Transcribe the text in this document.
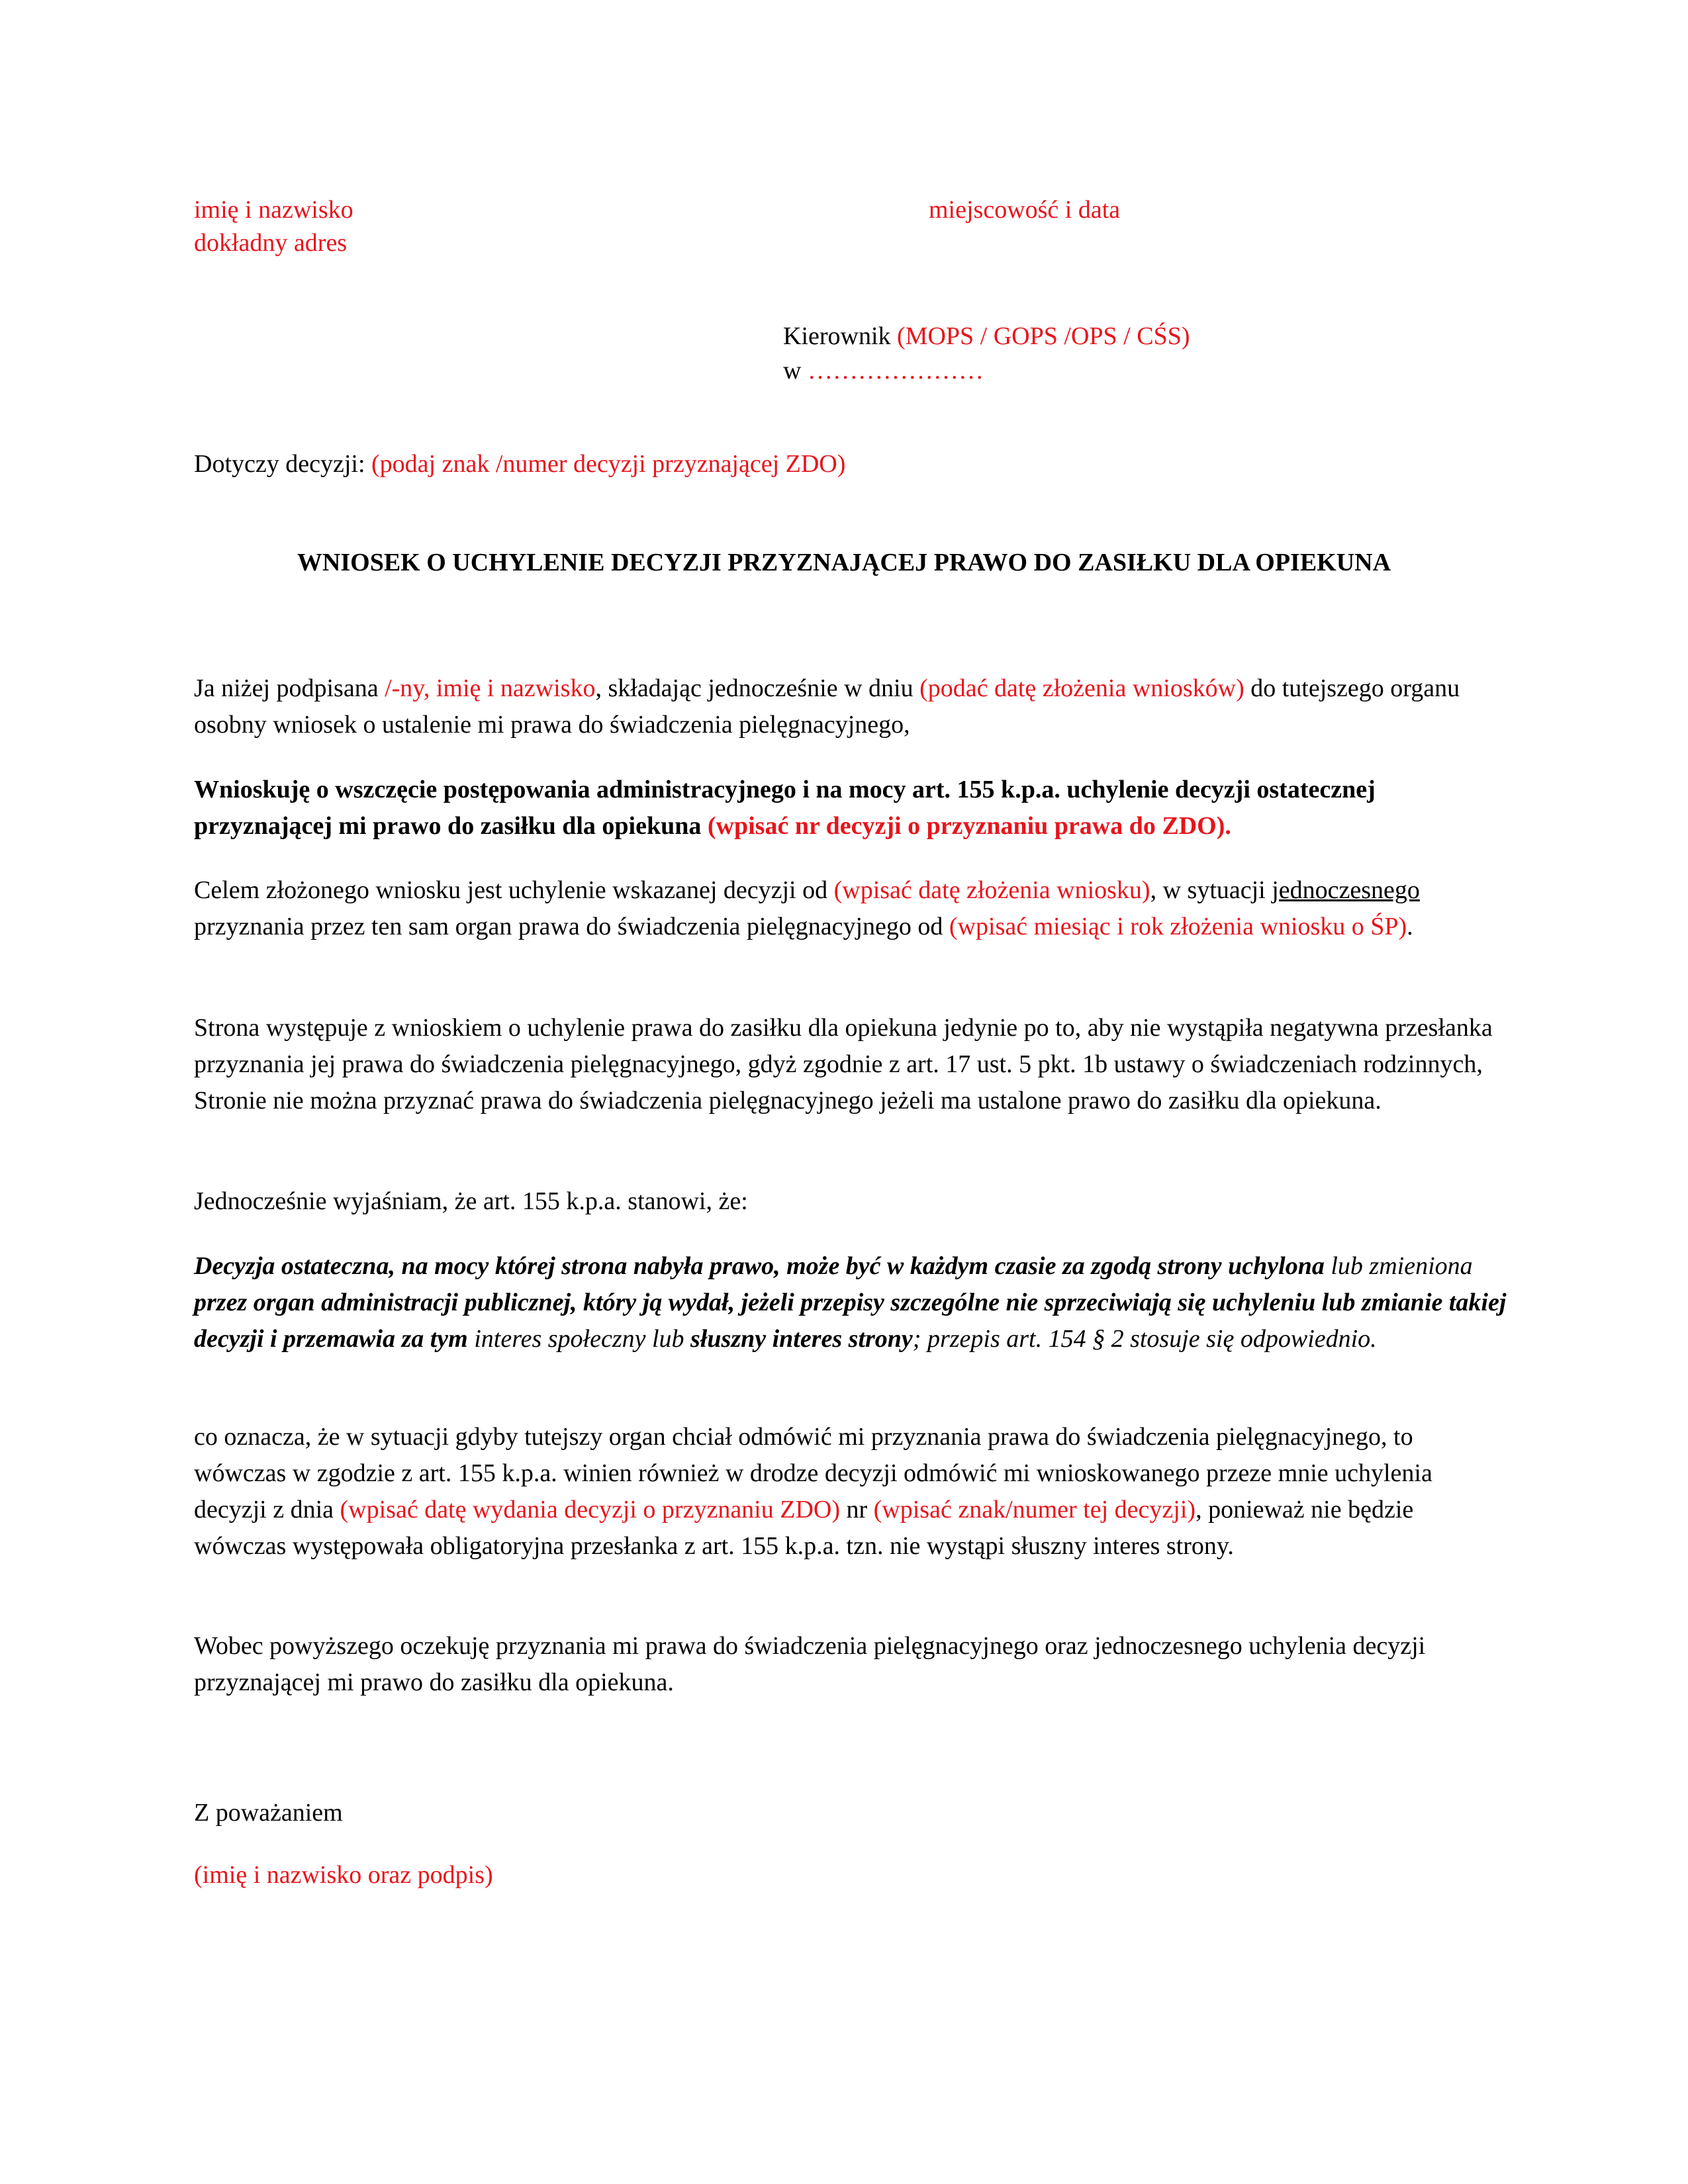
imię i nazwisko
dokładny adres
miejscowość i data
Kierownik (MOPS / GOPS /OPS / CŚS)
w …………………
Dotyczy decyzji: (podaj znak /numer decyzji przyznającej ZDO)
WNIOSEK O UCHYLENIE DECYZJI PRZYZNAJĄCEJ PRAWO DO ZASIŁKU DLA OPIEKUNA

Ja niżej podpisana /-ny, imię i nazwisko, składając jednocześnie w dniu (podać datę złożenia wniosków) do tutejszego organu osobny wniosek o ustalenie mi prawa do świadczenia pielęgnacyjnego,

Wnioskuję o wszczęcie postępowania administracyjnego i na mocy art. 155 k.p.a. uchylenie decyzji ostatecznej przyznającej mi prawo do zasiłku dla opiekuna (wpisać nr decyzji o przyznaniu prawa do ZDO).

Celem złożonego wniosku jest uchylenie wskazanej decyzji od (wpisać datę złożenia wniosku), w sytuacji jednoczesnego przyznania przez ten sam organ prawa do świadczenia pielęgnacyjnego od (wpisać miesiąc i rok złożenia wniosku o ŚP).

Strona występuje z wnioskiem o uchylenie prawa do zasiłku dla opiekuna jedynie po to, aby nie wystąpiła negatywna przesłanka przyznania jej prawa do świadczenia pielęgnacyjnego, gdyż zgodnie z art. 17 ust. 5 pkt. 1b ustawy o świadczeniach rodzinnych, Stronie nie można przyznać prawa do świadczenia pielęgnacyjnego jeżeli ma ustalone prawo do zasiłku dla opiekuna.

Jednocześnie wyjaśniam, że art. 155 k.p.a. stanowi, że:

Decyzja ostateczna, na mocy której strona nabyła prawo, może być w każdym czasie za zgodą strony uchylona lub zmieniona przez organ administracji publicznej, który ją wydał, jeżeli przepisy szczególne nie sprzeciwiają się uchyleniu lub zmianie takiej decyzji i przemawia za tym interes społeczny lub słuszny interes strony; przepis art. 154 § 2 stosuje się odpowiednio.

co oznacza, że w sytuacji gdyby tutejszy organ chciał odmówić mi przyznania prawa do świadczenia pielęgnacyjnego, to wówczas w zgodzie z art. 155 k.p.a. winien również w drodze decyzji odmówić mi wnioskowanego przeze mnie uchylenia decyzji z dnia (wpisać datę wydania decyzji o przyznaniu ZDO) nr (wpisać znak/numer tej decyzji), ponieważ nie będzie wówczas występowała obligatoryjna przesłanka z art. 155 k.p.a. tzn. nie wystąpi słuszny interes strony.

Wobec powyższego oczekuję przyznania mi prawa do świadczenia pielęgnacyjnego oraz jednoczesnego uchylenia decyzji przyznającej mi prawo do zasiłku dla opiekuna.

Z poważaniem
(imię i nazwisko oraz podpis)
